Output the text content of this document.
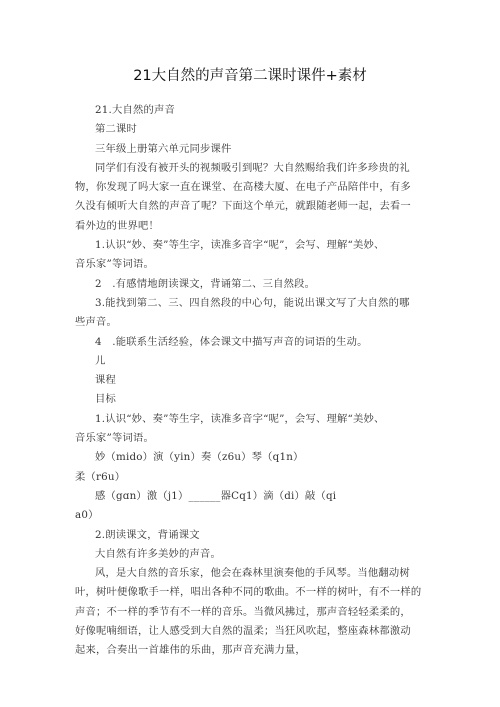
21大自然的声音第二课时课件+素材
21.大自然的声音
第二课时
三年级上册第六单元同步课件
同学们有没有被开头的视频吸引到呢？大自然赐给我们许多珍贵的礼
物，你发现了吗大家一直在课堂、在高楼大厦、在电子产品陪伴中，有多
久没有倾听大自然的声音了呢？下面这个单元，就跟随老师一起，去看一
看外边的世界吧！
1.认识“妙、奏”等生字，读准多音字“呢”，会写、理解“美妙、
音乐家”等词语。
2　.有感情地朗读课文，背诵第二、三自然段。
3.能找到第二、三、四自然段的中心句，能说出课文写了大自然的哪
些声音。
4　.能联系生活经验，体会课文中描写声音的词语的生动。
儿
课程
目标
1.认识“妙、奏”等生字，读准多音字“呢”，会写、理解“美妙、
音乐家”等词语。
妙（mido）演（yin）奏（z6u）琴（q1n）
柔（r6u）
感（gɑn）激（j1）______器Cq1）滴（di）敲（qi
a0）
2.朗读课文，背诵课文
大自然有许多美妙的声音。
风，是大自然的音乐家，他会在森林里演奏他的手风琴。当他翻动树
叶，树叶便像歌手一样，唱出各种不同的歌曲。不一样的树叶，有不一样的
声音；不一样的季节有不一样的音乐。当微风拂过，那声音轻轻柔柔的，
好像呢喃细语，让人感受到大自然的温柔；当狂风吹起，整座森林都激动
起来，合奏出一首雄伟的乐曲，那声音充满力量，
